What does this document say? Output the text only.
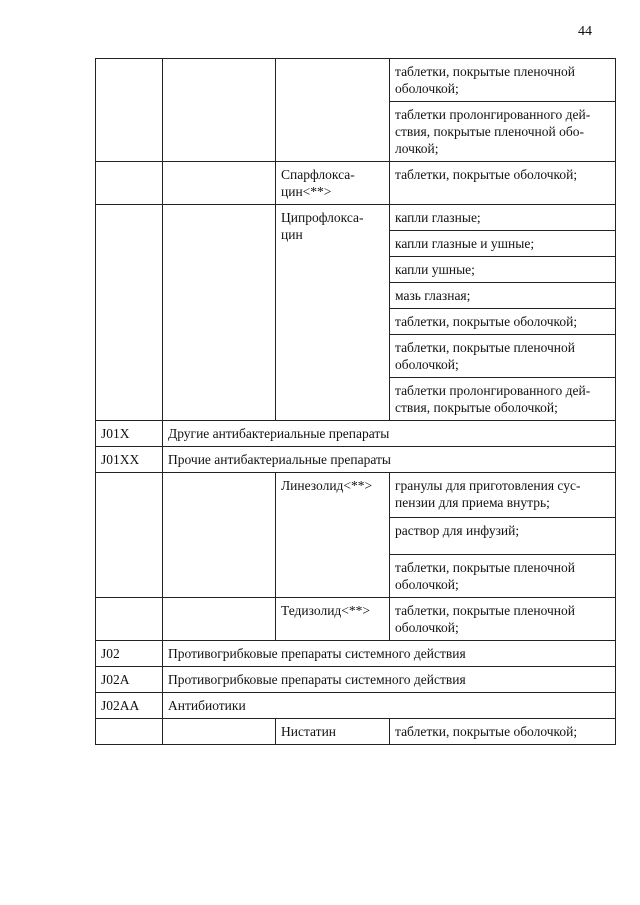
44
			таблетки, покрытые пленочной оболочкой;
			таблетки пролонгированного дей- ствия, покрытые пленочной обо- лочкой;
		Спарфлокса- цин<**>	таблетки, покрытые оболочкой;
		Ципрофлокса- цин	капли глазные;
			капли глазные и ушные;
			капли ушные;
			мазь глазная;
			таблетки, покрытые оболочкой;
			таблетки, покрытые пленочной оболочкой;
			таблетки пролонгированного дей- ствия, покрытые оболочкой;
J01X	Другие антибактериальные препараты		
J01XX	Прочие антибактериальные препараты		
		Линезолид<**>	гранулы для приготовления сус- пензии для приема внутрь;
			раствор для инфузий;
			таблетки, покрытые пленочной оболочкой;
		Тедизолид<**>	таблетки, покрытые пленочной оболочкой;
J02	Противогрибковые препараты системного действия		
J02A	Противогрибковые препараты системного действия		
J02AA	Антибиотики		
		Нистатин	таблетки, покрытые оболочкой;
